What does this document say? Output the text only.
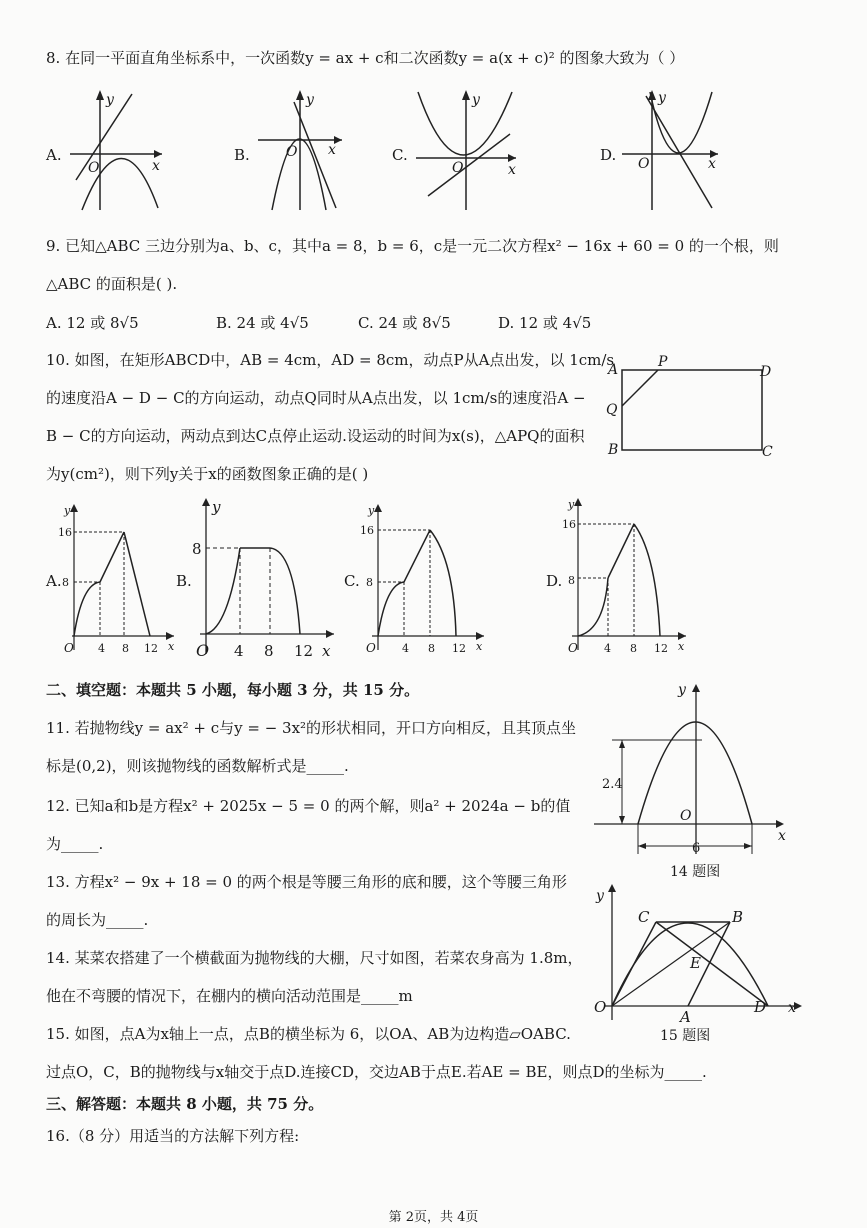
8. 在同一平面直角坐标系中，一次函数y = ax + c和二次函数y = a(x + c)² 的图象大致为（ ）
A.
y
x
O
B.
y
x
O	C.
y
x
O
D.
y
x
O
9. 已知△ABC 三边分别为a、b、c，其中a = 8，b = 6，c是一元二次方程x² − 16x + 60 = 0 的一个根，则
△ABC 的面积是( ).
A. 12 或 8√5	B. 24 或 4√5	C. 24 或 8√5	D. 12 或 4√5
10. 如图，在矩形ABCD中，AB = 4cm，AD = 8cm，动点P从A点出发，以 1cm/s
的速度沿A − D − C的方向运动，动点Q同时从A点出发，以 1cm/s的速度沿A −
B − C的方向运动，两动点到达C点停止运动.设运动的时间为x(s)，△APQ的面积
为y(cm²)，则下列y关于x的函数图象正确的是( )
A	P
D
Q
B	C
A.
y
x
O
16
8
4 8 12
B.
y
x
O
8
4 8 12
C.
y
x
O
16
8
4 8 12
D.
y
x
O
16
8
4 8 12
二、填空题：本题共 5 小题，每小题 3 分，共 15 分。
11. 若抛物线y = ax² + c与y = − 3x²的形状相同，开口方向相反，且其顶点坐
标是(0,2)，则该抛物线的函数解析式是_____.
12. 已知a和b是方程x² + 2025x − 5 = 0 的两个解，则a² + 2024a − b的值
为_____.
13. 方程x² − 9x + 18 = 0 的两个根是等腰三角形的底和腰，这个等腰三角形
的周长为_____.
14. 某菜农搭建了一个横截面为抛物线的大棚，尺寸如图，若菜农身高为 1.8m，
他在不弯腰的情况下，在棚内的横向活动范围是_____m
15. 如图，点A为x轴上一点，点B的横坐标为 6，以OA、AB为边构造▱OABC.
过点O，C，B的抛物线与x轴交于点D.连接CD，交边AB于点E.若AE = BE，则点D的坐标为_____.
y
x
O
6
2.4
14 题图
y
x
C	B
E
O
A
D
15 题图
三、解答题：本题共 8 小题，共 75 分。
16.（8 分）用适当的方法解下列方程:
第 2页，共 4页
